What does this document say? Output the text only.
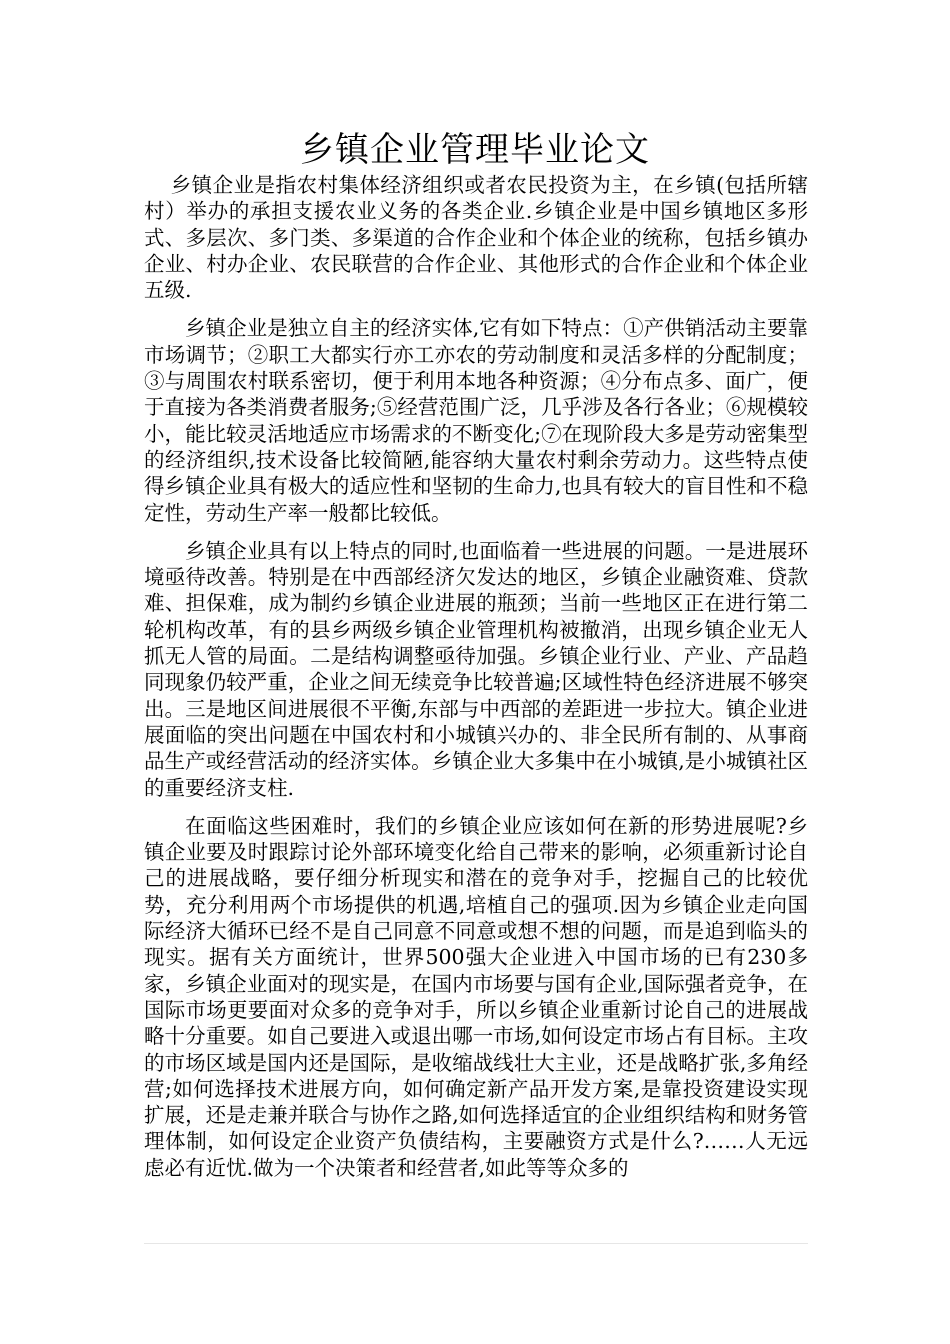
乡镇企业管理毕业论文

乡镇企业是指农村集体经济组织或者农民投资为主，在乡镇(包括所辖村）举办的承担支援农业义务的各类企业.乡镇企业是中国乡镇地区多形式、多层次、多门类、多渠道的合作企业和个体企业的统称，包括乡镇办企业、村办企业、农民联营的合作企业、其他形式的合作企业和个体企业五级.

乡镇企业是独立自主的经济实体,它有如下特点：①产供销活动主要靠市场调节；②职工大都实行亦工亦农的劳动制度和灵活多样的分配制度；③与周围农村联系密切，便于利用本地各种资源；④分布点多、面广，便于直接为各类消费者服务;⑤经营范围广泛，几乎涉及各行各业；⑥规模较小，能比较灵活地适应市场需求的不断变化;⑦在现阶段大多是劳动密集型的经济组织,技术设备比较简陋,能容纳大量农村剩余劳动力。这些特点使得乡镇企业具有极大的适应性和坚韧的生命力,也具有较大的盲目性和不稳定性，劳动生产率一般都比较低。

乡镇企业具有以上特点的同时,也面临着一些进展的问题。一是进展环境亟待改善。特别是在中西部经济欠发达的地区，乡镇企业融资难、贷款难、担保难，成为制约乡镇企业进展的瓶颈；当前一些地区正在进行第二轮机构改革，有的县乡两级乡镇企业管理机构被撤消，出现乡镇企业无人抓无人管的局面。二是结构调整亟待加强。乡镇企业行业、产业、产品趋同现象仍较严重，企业之间无续竞争比较普遍;区域性特色经济进展不够突出。三是地区间进展很不平衡,东部与中西部的差距进一步拉大。镇企业进展面临的突出问题在中国农村和小城镇兴办的、非全民所有制的、从事商品生产或经营活动的经济实体。乡镇企业大多集中在小城镇,是小城镇社区的重要经济支柱.

在面临这些困难时，我们的乡镇企业应该如何在新的形势进展呢?乡镇企业要及时跟踪讨论外部环境变化给自己带来的影响，必须重新讨论自己的进展战略，要仔细分析现实和潜在的竞争对手，挖掘自己的比较优势，充分利用两个市场提供的机遇,培植自己的强项.因为乡镇企业走向国际经济大循环已经不是自己同意不同意或想不想的问题，而是追到临头的现实。据有关方面统计，世界500强大企业进入中国市场的已有230多家，乡镇企业面对的现实是，在国内市场要与国有企业,国际强者竞争，在国际市场更要面对众多的竞争对手，所以乡镇企业重新讨论自己的进展战略十分重要。如自己要进入或退出哪一市场,如何设定市场占有目标。主攻的市场区域是国内还是国际，是收缩战线壮大主业，还是战略扩张,多角经营;如何选择技术进展方向，如何确定新产品开发方案,是靠投资建设实现扩展，还是走兼并联合与协作之路,如何选择适宜的企业组织结构和财务管理体制，如何设定企业资产负债结构，主要融资方式是什么?……人无远虑必有近忧.做为一个决策者和经营者,如此等等众多的
